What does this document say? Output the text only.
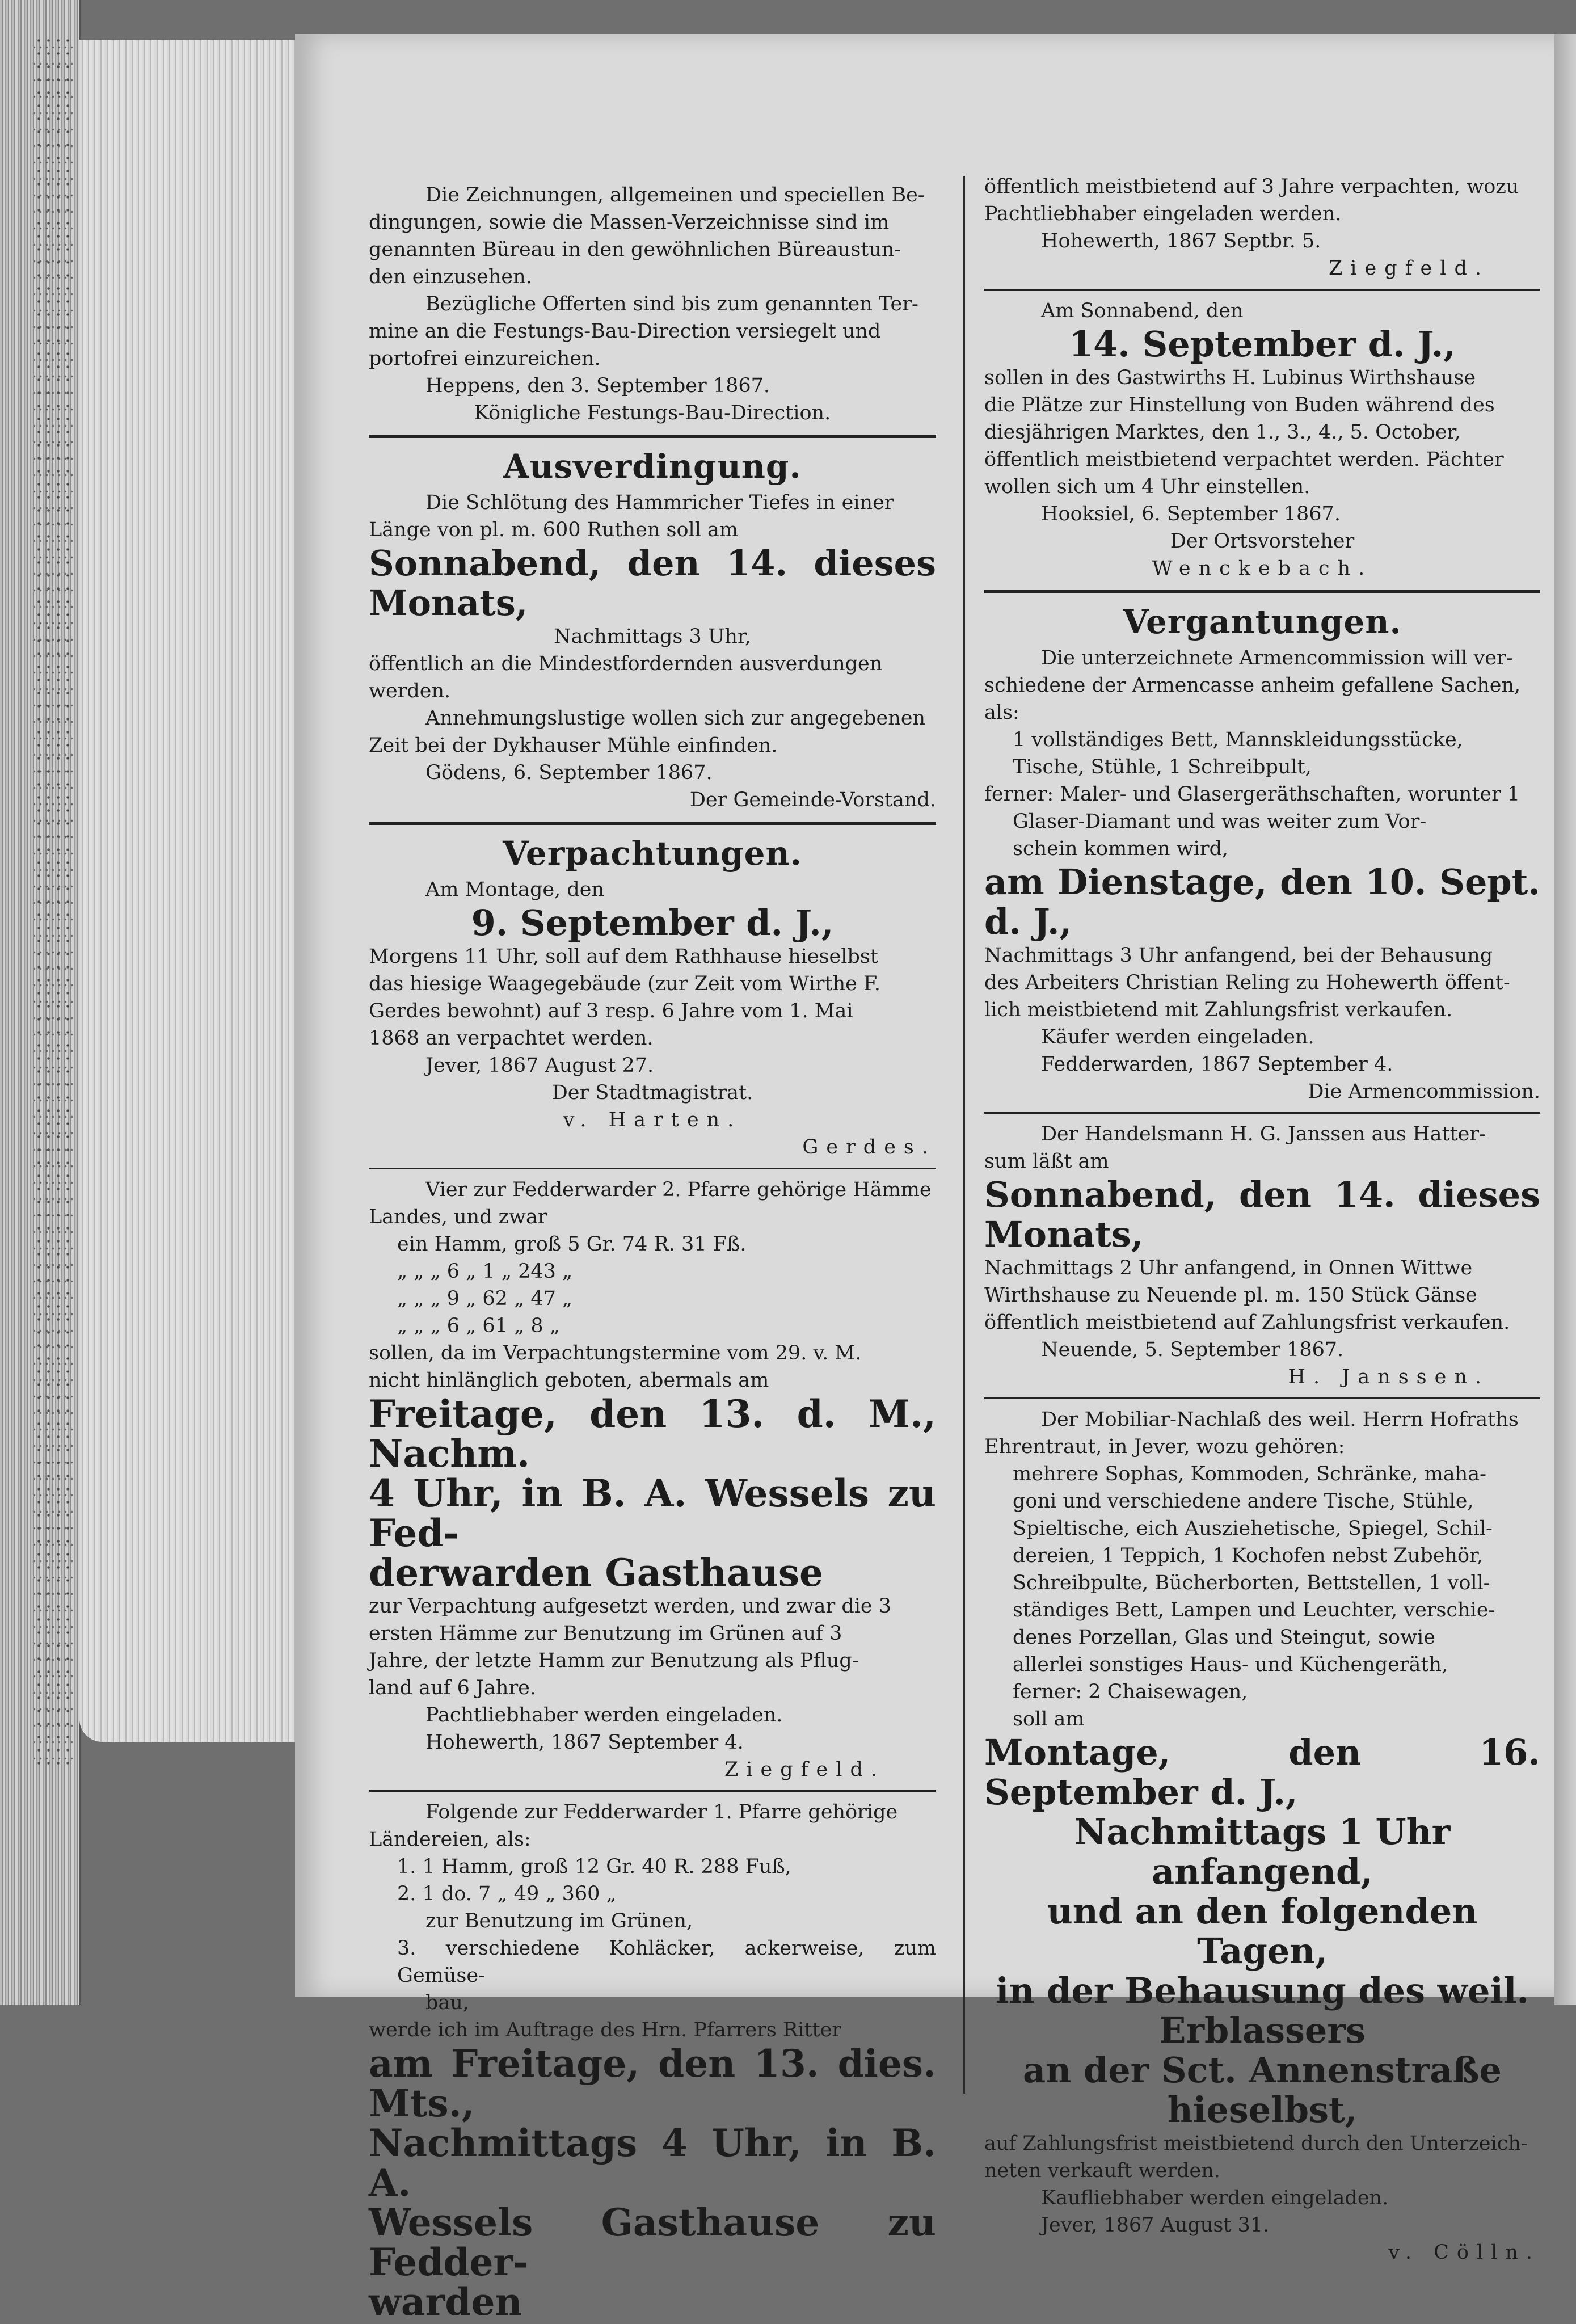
Die Zeichnungen, allgemeinen und speciellen Be-

dingungen, sowie die Massen-Verzeichnisse sind im

genannten Büreau in den gewöhnlichen Büreaustun-

den einzusehen.

Bezügliche Offerten sind bis zum genannten Ter-

mine an die Festungs-Bau-Direction versiegelt und

portofrei einzureichen.

Heppens, den 3. September 1867.

Königliche Festungs-Bau-Direction.

Ausverdingung.

Die Schlötung des Hammricher Tiefes in einer

Länge von pl. m. 600 Ruthen soll am

Sonnabend, den 14. dieses Monats,

Nachmittags 3 Uhr,

öffentlich an die Mindestfordernden ausverdungen

werden.

Annehmungslustige wollen sich zur angegebenen

Zeit bei der Dykhauser Mühle einfinden.

Gödens, 6. September 1867.

Der Gemeinde-Vorstand.

Verpachtungen.

Am Montage, den

9. September d. J.,

Morgens 11 Uhr, soll auf dem Rathhause hieselbst

das hiesige Waagegebäude (zur Zeit vom Wirthe F.

Gerdes bewohnt) auf 3 resp. 6 Jahre vom 1. Mai

1868 an verpachtet werden.

Jever, 1867 August 27.

Der Stadtmagistrat.

v. Harten.

Gerdes.

Vier zur Fedderwarder 2. Pfarre gehörige Hämme

Landes, und zwar

ein Hamm, groß 5 Gr. 74 R. 31 Fß.

„ „ „ 6 „ 1 „ 243 „

„ „ „ 9 „ 62 „ 47 „

„ „ „ 6 „ 61 „ 8 „

sollen, da im Verpachtungstermine vom 29. v. M.

nicht hinlänglich geboten, abermals am

Freitage, den 13. d. M., Nachm.

4 Uhr, in B. A. Wessels zu Fed-

derwarden Gasthause

zur Verpachtung aufgesetzt werden, und zwar die 3

ersten Hämme zur Benutzung im Grünen auf 3

Jahre, der letzte Hamm zur Benutzung als Pflug-

land auf 6 Jahre.

Pachtliebhaber werden eingeladen.

Hohewerth, 1867 September 4.

Ziegfeld.

Folgende zur Fedderwarder 1. Pfarre gehörige

Ländereien, als:

1. 1 Hamm, groß 12 Gr. 40 R. 288 Fuß,

2. 1 do. 7 „ 49 „ 360 „

zur Benutzung im Grünen,

3. verschiedene Kohläcker, ackerweise, zum Gemüse-

bau,

werde ich im Auftrage des Hrn. Pfarrers Ritter

am Freitage, den 13. dies. Mts.,

Nachmittags 4 Uhr, in B. A.

Wessels Gasthause zu Fedder-

warden

öffentlich meistbietend auf 3 Jahre verpachten, wozu

Pachtliebhaber eingeladen werden.

Hohewerth, 1867 Septbr. 5.

Ziegfeld.

Am Sonnabend, den

14. September d. J.,

sollen in des Gastwirths H. Lubinus Wirthshause

die Plätze zur Hinstellung von Buden während des

diesjährigen Marktes, den 1., 3., 4., 5. October,

öffentlich meistbietend verpachtet werden. Pächter

wollen sich um 4 Uhr einstellen.

Hooksiel, 6. September 1867.

Der Ortsvorsteher

Wenckebach.

Vergantungen.

Die unterzeichnete Armencommission will ver-

schiedene der Armencasse anheim gefallene Sachen,

als:

1 vollständiges Bett, Mannskleidungsstücke,

Tische, Stühle, 1 Schreibpult,

ferner: Maler- und Glasergeräthschaften, worunter 1

Glaser-Diamant und was weiter zum Vor-

schein kommen wird,

am Dienstage, den 10. Sept. d. J.,

Nachmittags 3 Uhr anfangend, bei der Behausung

des Arbeiters Christian Reling zu Hohewerth öffent-

lich meistbietend mit Zahlungsfrist verkaufen.

Käufer werden eingeladen.

Fedderwarden, 1867 September 4.

Die Armencommission.

Der Handelsmann H. G. Janssen aus Hatter-

sum läßt am

Sonnabend, den 14. dieses Monats,

Nachmittags 2 Uhr anfangend, in Onnen Wittwe

Wirthshause zu Neuende pl. m. 150 Stück Gänse

öffentlich meistbietend auf Zahlungsfrist verkaufen.

Neuende, 5. September 1867.

H. Janssen.

Der Mobiliar-Nachlaß des weil. Herrn Hofraths

Ehrentraut, in Jever, wozu gehören:

mehrere Sophas, Kommoden, Schränke, maha-

goni und verschiedene andere Tische, Stühle,

Spieltische, eich Ausziehetische, Spiegel, Schil-

dereien, 1 Teppich, 1 Kochofen nebst Zubehör,

Schreibpulte, Bücherborten, Bettstellen, 1 voll-

ständiges Bett, Lampen und Leuchter, verschie-

denes Porzellan, Glas und Steingut, sowie

allerlei sonstiges Haus- und Küchengeräth,

ferner: 2 Chaisewagen,

soll am

Montage, den 16. September d. J.,

Nachmittags 1 Uhr anfangend,

und an den folgenden Tagen,

in der Behausung des weil. Erblassers

an der Sct. Annenstraße hieselbst,

auf Zahlungsfrist meistbietend durch den Unterzeich-

neten verkauft werden.

Kaufliebhaber werden eingeladen.

Jever, 1867 August 31.

v. Cölln.
